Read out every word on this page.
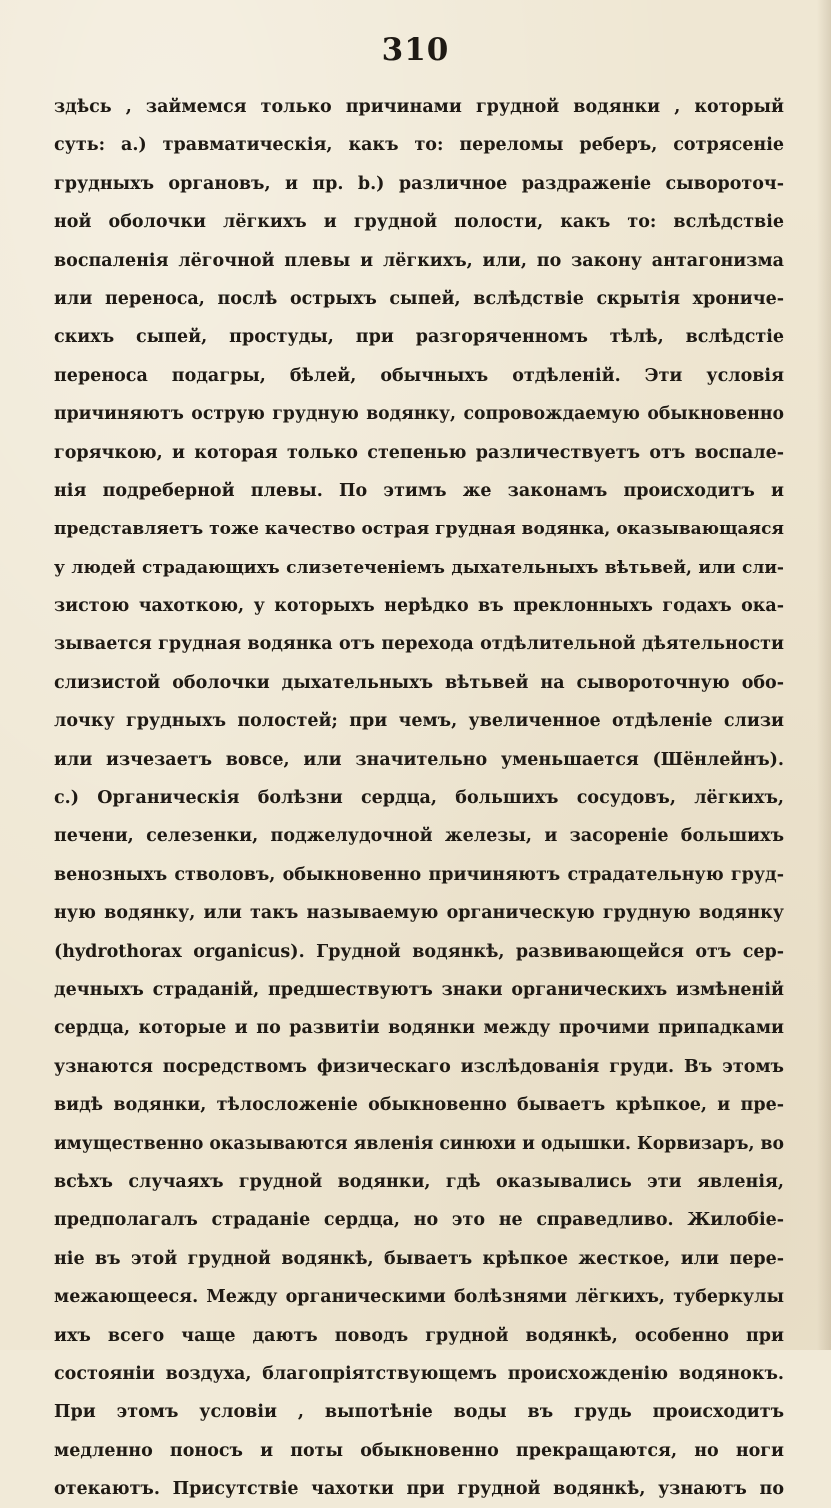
310
здѣсь , займемся только причинами грудной водянки , который
суть: а.) травматическія, какъ то: переломы реберъ, сотрясеніе
грудныхъ органовъ, и пр. b.) различное раздраженіе сывороточ-
ной оболочки лёгкихъ и грудной полости, какъ то: вслѣдствіе
воспаленія лёгочной плевы и лёгкихъ, или, по закону антагонизма
или переноса, послѣ острыхъ сыпей, вслѣдствіе скрытія хрониче-
скихъ сыпей, простуды, при разгоряченномъ тѣлѣ, вслѣдстіе
переноса подагры, бѣлей, обычныхъ отдѣленій. Эти условія
причиняютъ острую грудную водянку, сопровождаемую обыкновенно
горячкою, и которая только степенью различествуетъ отъ воспале-
нія подреберной плевы. По этимъ же законамъ происходитъ и
представляетъ тоже качество острая грудная водянка, оказывающаяся
у людей страдающихъ слизетеченіемъ дыхательныхъ вѣтьвей, или сли-
зистою чахоткою, у которыхъ нерѣдко въ преклонныхъ годахъ ока-
зывается грудная водянка отъ перехода отдѣлительной дѣятельности
слизистой оболочки дыхательныхъ вѣтьвей на сывороточную обо-
лочку грудныхъ полостей; при чемъ, увеличенное отдѣленіе слизи
или изчезаетъ вовсе, или значительно уменьшается (Шёнлейнъ).
c.) Органическія болѣзни сердца, большихъ сосудовъ, лёгкихъ,
печени, селезенки, поджелудочной железы, и засореніе большихъ
венозныхъ стволовъ, обыкновенно причиняютъ страдательную груд-
ную водянку, или такъ называемую органическую грудную водянку
(hydrothorax organicus). Грудной водянкѣ, развивающейся отъ сер-
дечныхъ страданій, предшествуютъ знаки органическихъ измѣненій
сердца, которые и по развитіи водянки между прочими припадками
узнаются посредствомъ физическаго изслѣдованія груди. Въ этомъ
видѣ водянки, тѣлосложеніе обыкновенно бываетъ крѣпкое, и пре-
имущественно оказываются явленія синюхи и одышки. Корвизаръ, во
всѣхъ случаяхъ грудной водянки, гдѣ оказывались эти явленія,
предполагалъ страданіе сердца, но это не справедливо. Жилобіе-
ніе въ этой грудной водянкѣ, бываетъ крѣпкое жесткое, или пере-
межающееся. Между органическими болѣзнями лёгкихъ, туберкулы
ихъ всего чаще даютъ поводъ грудной водянкѣ, особенно при
состояніи воздуха, благопріятствующемъ происхожденію водянокъ.
При этомъ условіи , выпотѣніе воды въ грудь происходитъ
медленно поносъ и поты обыкновенно прекращаются, но ноги
отекаютъ. Присутствіе чахотки при грудной водянкѣ, узнаютъ по
